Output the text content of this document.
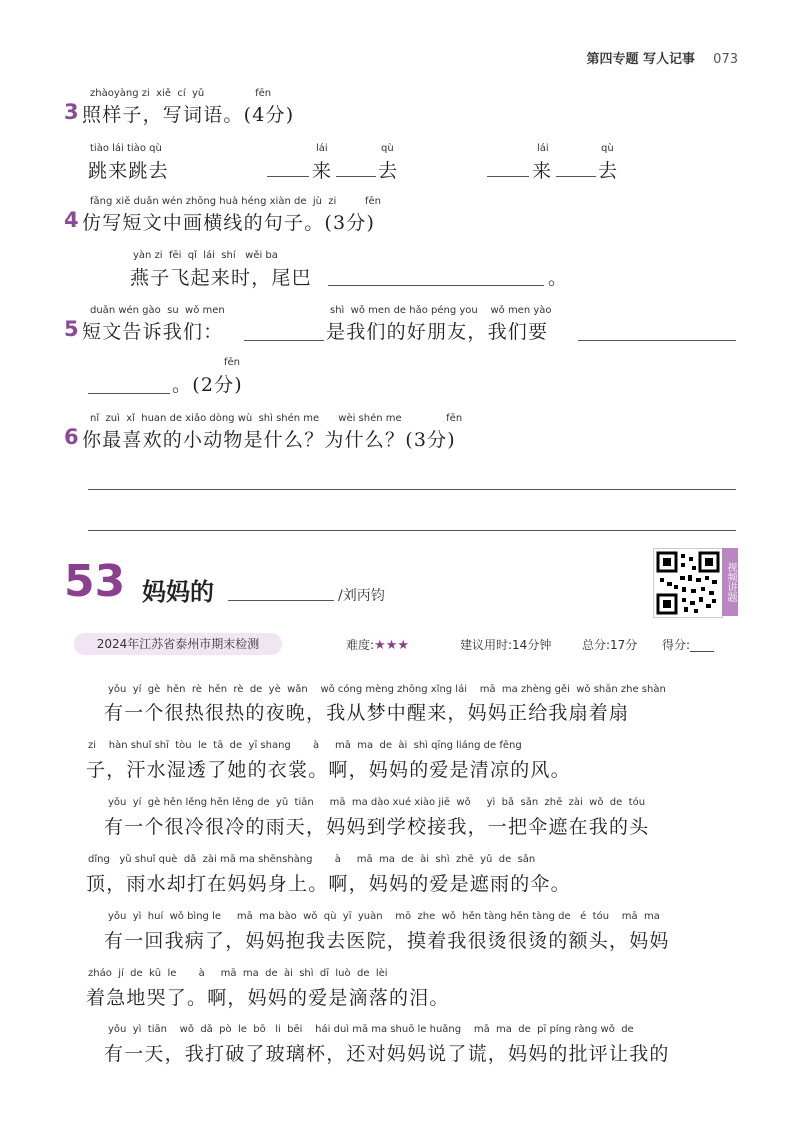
第四专题 写人记事 073
zhàoyàng zi  xiě  cí  yǔ                fēn
3 照样子，写词语。(4分)
tiào lái tiào qù
跳来跳去
lái	qù
来 去
lái	qù
来 去
fǎng xiě duǎn wén zhōng huà héng xiàn de  jù  zi         fēn
4 仿写短文中画横线的句子。(3分)
yàn zi  fēi  qǐ  lái  shí   wěi ba
燕子飞起来时，尾巴	。
duǎn wén gào  su  wǒ men	shì  wǒ men de hǎo péng you    wǒ men yào
5 短文告诉我们：	是我们的好朋友，我们要
fēn
。(2分)
nǐ  zuì  xǐ  huan de xiǎo dòng wù  shì shén me      wèi shén me              fēn
6 你最喜欢的小动物是什么？为什么？(3分)
53 妈妈的	/刘丙钧	视频讲题
2024年江苏省泰州市期末检测	难度:★★★	建议用时:14分钟	总分:17分 得分:____
yǒu  yí  gè  hěn  rè  hěn  rè  de  yè  wǎn    wǒ cóng mèng zhōng xǐng lái    mā  ma zhèng gěi  wǒ shān zhe shàn
有一个很热很热的夜晚，我从梦中醒来，妈妈正给我扇着扇
zi    hàn shuǐ shī  tòu  le  tā  de  yī shang       à     mā  ma  de  ài  shì qīng liáng de fēng
子，汗水湿透了她的衣裳。啊，妈妈的爱是清凉的风。
yǒu  yí  gè hěn lěng hěn lěng de  yǔ  tiān     mā  ma dào xué xiào jiē  wǒ     yì  bǎ  sǎn  zhē  zài  wǒ  de  tóu
有一个很冷很冷的雨天，妈妈到学校接我，一把伞遮在我的头
dǐng   yǔ shuǐ què  dǎ  zài mā ma shēnshàng       à     mā  ma  de  ài  shì  zhē  yǔ  de  sǎn
顶，雨水却打在妈妈身上。啊，妈妈的爱是遮雨的伞。
yǒu  yì  huí  wǒ bìng le     mā  ma bào  wǒ  qù  yī  yuàn    mō  zhe  wǒ  hěn tàng hěn tàng de   é  tóu    mā  ma
有一回我病了，妈妈抱我去医院，摸着我很烫很烫的额头，妈妈
zháo  jí  de  kū  le       à     mā  ma  de  ài  shì  dī  luò  de  lèi
着急地哭了。啊，妈妈的爱是滴落的泪。
yǒu  yì  tiān    wǒ  dǎ  pò  le  bō   li  bēi    hái duì mā ma shuō le huǎng    mā  ma  de  pī píng ràng wǒ  de
有一天，我打破了玻璃杯，还对妈妈说了谎，妈妈的批评让我的
